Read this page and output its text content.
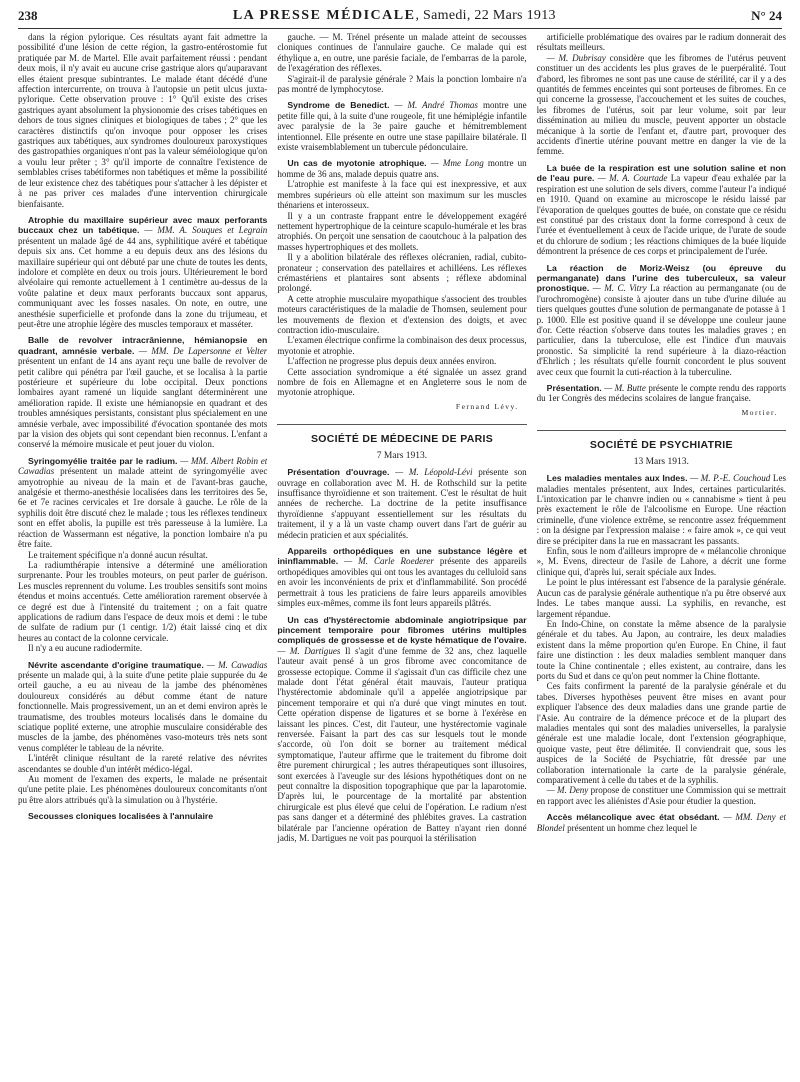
238	LA PRESSE MÉDICALE, Samedi, 22 Mars 1913	N° 24

dans la région pylorique. Ces résultats ayant fait admettre la possibilité d'une lésion de cette région, la gastro-entérostomie fut pratiquée par M. de Martel. Elle avait parfaitement réussi : pendant deux mois, il n'y avait eu aucune crise gastrique alors qu'auparavant elles étaient presque subintrantes. Le malade étant décédé d'une affection intercurrente, on trouva à l'autopsie un petit ulcus juxta-pylorique. Cette observation prouve : 1° Qu'il existe des crises gastriques ayant absolument la physionomie des crises tabétiques en dehors de tous signes cliniques et biologiques de tabes ; 2° que les caractères distinctifs qu'on invoque pour opposer les crises gastriques aux tabétiques, aux syndromes douloureux paroxystiques des gastropathies organiques n'ont pas la valeur séméiologique qu'on a voulu leur prêter ; 3° qu'il importe de connaître l'existence de semblables crises tabétiformes non tabétiques et même la possibilité de leur existence chez des tabétiques pour s'attacher à les dépister et à ne pas priver ces malades d'une intervention chirurgicale bienfaisante.

Atrophie du maxillaire supérieur avec maux perforants buccaux chez un tabétique. — MM. A. Souques et Legrain présentent un malade âgé de 44 ans, syphilitique avéré et tabétique depuis six ans. Cet homme a eu depuis deux ans des lésions du maxillaire supérieur qui ont débuté par une chute de toutes les dents, indolore et complète en deux ou trois jours. Ultérieurement le bord alvéolaire qui remonte actuellement à 1 centimètre au-dessus de la voûte palatine et deux maux perforants buccaux sont apparus, communiquant avec les fosses nasales. On note, en outre, une anesthésie superficielle et profonde dans la zone du trijumeau, et peut-être une atrophie légère des muscles temporaux et masséter.

Balle de revolver intracrânienne, hémianopsie en quadrant, amnésie verbale. — MM. De Lapersonne et Velter présentent un enfant de 14 ans ayant reçu une balle de revolver de petit calibre qui pénétra par l'œil gauche, et se localisa à la partie postérieure et supérieure du lobe occipital. Deux ponctions lombaires ayant ramené un liquide sanglant déterminèrent une amélioration rapide. Il existe une hémianopsie en quadrant et des troubles amnésiques persistants, consistant plus spécialement en une amnésie verbale, avec impossibilité d'évocation spontanée des mots par la vision des objets qui sont cependant bien reconnus. L'enfant a conservé la mémoire musicale et peut jouer du violon.

Syringomyélie traitée par le radium. — MM. Albert Robin et Cawadias présentent un malade atteint de syringomyélie avec amyotrophie au niveau de la main et de l'avant-bras gauche, analgésie et thermo-anesthésie localisées dans les territoires des 5e, 6e et 7e racines cervicales et 1re dorsale à gauche. Le rôle de la syphilis doit être discuté chez le malade ; tous les réflexes tendineux sont en effet abolis, la pupille est très paresseuse à la lumière. La réaction de Wassermann est négative, la ponction lombaire n'a pu être faite.

Le traitement spécifique n'a donné aucun résultat.

La radiumthérapie intensive a déterminé une amélioration surprenante. Pour les troubles moteurs, on peut parler de guérison. Les muscles reprennent du volume. Les troubles sensitifs sont moins étendus et moins accentués. Cette amélioration rarement observée à ce degré est due à l'intensité du traitement ; on a fait quatre applications de radium dans l'espace de deux mois et demi : le tube de sulfate de radium pur (1 centigr. 1/2) était laissé cinq et dix heures au contact de la colonne cervicale.

Il n'y a eu aucune radiodermite.

Névrite ascendante d'origine traumatique. — M. Cawadias présente un malade qui, à la suite d'une petite plaie suppurée du 4e orteil gauche, a eu au niveau de la jambe des phénomènes douloureux considérés au début comme étant de nature fonctionnelle. Mais progressivement, un an et demi environ après le traumatisme, des troubles moteurs localisés dans le domaine du sciatique poplité externe, une atrophie musculaire considérable des muscles de la jambe, des phénomènes vaso-moteurs très nets sont venus compléter le tableau de la névrite.

L'intérêt clinique résultant de la rareté relative des névrites ascendantes se double d'un intérêt médico-légal.

Au moment de l'examen des experts, le malade ne présentait qu'une petite plaie. Les phénomènes douloureux concomitants n'ont pu être alors attribués qu'à la simulation ou à l'hystérie.

Secousses cloniques localisées à l'annulaire

gauche. — M. Trénel présente un malade atteint de secousses cloniques continues de l'annulaire gauche. Ce malade qui est éthylique a, en outre, une parésie faciale, de l'embarras de la parole, de l'exagération des réflexes.

S'agirait-il de paralysie générale ? Mais la ponction lombaire n'a pas montré de lymphocytose.

Syndrome de Benedict. — M. André Thomas montre une petite fille qui, à la suite d'une rougeole, fit une hémiplégie infantile avec paralysie de la 3e paire gauche et hémitremblement intentionnel. Elle présente en outre une stase papillaire bilatérale. Il existe vraisemblablement un tubercule pédonculaire.

Un cas de myotonie atrophique. — Mme Long montre un homme de 36 ans, malade depuis quatre ans.

L'atrophie est manifeste à la face qui est inexpressive, et aux membres supérieurs où elle atteint son maximum sur les muscles thénariens et interosseux.

Il y a un contraste frappant entre le développement exagéré nettement hypertrophique de la ceinture scapulo-humérale et les bras atrophiés. On perçoit une sensation de caoutchouc à la palpation des masses hypertrophiques et des mollets.

Il y a abolition bilatérale des réflexes olécranien, radial, cubito-pronateur ; conservation des patellaires et achilléens. Les réflexes crémastériens et plantaires sont absents ; réflexe abdominal prolongé.

A cette atrophie musculaire myopathique s'associent des troubles moteurs caractéristiques de la maladie de Thomsen, seulement pour les mouvements de flexion et d'extension des doigts, et avec contraction idio-musculaire.

L'examen électrique confirme la combinaison des deux processus, myotonie et atrophie.

L'affection ne progresse plus depuis deux années environ.

Cette association syndromique a été signalée un assez grand nombre de fois en Allemagne et en Angleterre sous le nom de myotonie atrophique.

Fernand Lévy.

SOCIÉTÉ DE MÉDECINE DE PARIS
7 Mars 1913.

Présentation d'ouvrage. — M. Léopold-Lévi présente son ouvrage en collaboration avec M. H. de Rothschild sur la petite insuffisance thyroïdienne et son traitement. C'est le résultat de huit années de recherche. La doctrine de la petite insuffisance thyroïdienne s'appuyant essentiellement sur les résultats du traitement, il y a là un vaste champ ouvert dans l'art de guérir au médecin praticien et aux spécialités.

Appareils orthopédiques en une substance légère et ininflammable. — M. Carle Roederer présente des appareils orthopédiques amovibles qui ont tous les avantages du celluloïd sans en avoir les inconvénients de prix et d'inflammabilité. Son procédé permettrait à tous les praticiens de faire leurs appareils amovibles simples eux-mêmes, comme ils font leurs appareils plâtrés.

Un cas d'hystérectomie abdominale angiotripsique par pincement temporaire pour fibromes utérins multiples compliqués de grossesse et de kyste hématique de l'ovaire. — M. Dartigues Il s'agit d'une femme de 32 ans, chez laquelle l'auteur avait pensé à un gros fibrome avec concomitance de grossesse ectopique. Comme il s'agissait d'un cas difficile chez une malade dont l'état général était mauvais, l'auteur pratiqua l'hystérectomie abdominale qu'il a appelée angiotripsique par pincement temporaire et qui n'a duré que vingt minutes en tout. Cette opération dispense de ligatures et se borne à l'exérèse en laissant les pinces. C'est, dit l'auteur, une hystérectomie vaginale renversée. Faisant la part des cas sur lesquels tout le monde s'accorde, où l'on doit se borner au traitement médical symptomatique, l'auteur affirme que le traitement du fibrome doit être purement chirurgical ; les autres thérapeutiques sont illusoires, sont exercées à l'aveugle sur des lésions hypothétiques dont on ne peut connaître la disposition topographique que par la laparotomie. D'après lui, le pourcentage de la mortalité par abstention chirurgicale est plus élevé que celui de l'opération. Le radium n'est pas sans danger et a déterminé des phlébites graves. La castration bilatérale par l'ancienne opération de Battey n'ayant rien donné jadis, M. Dartigues ne voit pas pourquoi la stérilisation

artificielle problématique des ovaires par le radium donnerait des résultats meilleurs.

— M. Dubrisay considère que les fibromes de l'utérus peuvent constituer un des accidents les plus graves de le puerpéralité. Tout d'abord, les fibromes ne sont pas une cause de stérilité, car il y a des quantités de femmes enceintes qui sont porteuses de fibromes. En ce qui concerne la grossesse, l'accouchement et les suites de couches, les fibromes de l'utérus, soit par leur volume, soit par leur dissémination au milieu du muscle, peuvent apporter un obstacle mécanique à la sortie de l'enfant et, d'autre part, provoquer des accidents d'inertie utérine pouvant mettre en danger la vie de la femme.

La buée de la respiration est une solution saline et non de l'eau pure. — M. A. Courtade La vapeur d'eau exhalée par la respiration est une solution de sels divers, comme l'auteur l'a indiqué en 1910. Quand on examine au microscope le résidu laissé par l'évaporation de quelques gouttes de buée, on constate que ce résidu est constitué par des cristaux dont la forme correspond à ceux de l'urée et éventuellement à ceux de l'acide urique, de l'urate de soude et du chlorure de sodium ; les réactions chimiques de la buée liquide démontrent la présence de ces corps et principalement de l'urée.

La réaction de Moriz-Weisz (ou épreuve du permanganate) dans l'urine des tuberculeux, sa valeur pronostique. — M. C. Vitry La réaction au permanganate (ou de l'urochromogène) consiste à ajouter dans un tube d'urine diluée au tiers quelques gouttes d'une solution de permanganate de potasse à 1 p. 1000. Elle est positive quand il se développe une couleur jaune d'or. Cette réaction s'observe dans toutes les maladies graves ; en particulier, dans la tuberculose, elle est l'indice d'un mauvais pronostic. Sa simplicité la rend supérieure à la diazo-réaction d'Ehrlich ; les résultats qu'elle fournit concordent le plus souvent avec ceux que fournit la cuti-réaction à la tuberculine.

Présentation. — M. Butte présente le compte rendu des rapports du 1er Congrès des médecins scolaires de langue française.

Mortier.

SOCIÉTÉ DE PSYCHIATRIE
13 Mars 1913.

Les maladies mentales aux Indes. — M. P.-E. Couchoud Les maladies mentales présentent, aux Indes, certaines particularités. L'intoxication par le chanvre indien ou « cannabisme » tient à peu près exactement le rôle de l'alcoolisme en Europe. Une réaction criminelle, d'une violence extrême, se rencontre assez fréquemment : on la désigne par l'expression malaise : « faire amok », ce qui veut dire se précipiter dans la rue en massacrant les passants.

Enfin, sous le nom d'ailleurs impropre de « mélancolie chronique », M. Evens, directeur de l'asile de Lahore, a décrit une forme clinique qui, d'après lui, serait spéciale aux Indes.

Le point le plus intéressant est l'absence de la paralysie générale. Aucun cas de paralysie générale authentique n'a pu être observé aux Indes. Le tabes manque aussi. La syphilis, en revanche, est largement répandue.

En Indo-Chine, on constate la même absence de la paralysie générale et du tabes. Au Japon, au contraire, les deux maladies existent dans la même proportion qu'en Europe. En Chine, il faut faire une distinction : les deux maladies semblent manquer dans toute la Chine continentale ; elles existent, au contraire, dans les ports du Sud et dans ce qu'on peut nommer la Chine flottante.

Ces faits confirment la parenté de la paralysie générale et du tabes. Diverses hypothèses peuvent être mises en avant pour expliquer l'absence des deux maladies dans une grande partie de l'Asie. Au contraire de la démence précoce et de la plupart des maladies mentales qui sont des maladies universelles, la paralysie générale est une maladie locale, dont l'extension géographique, quoique vaste, peut être délimitée. Il conviendrait que, sous les auspices de la Société de Psychiatrie, fût dressée par une collaboration internationale la carte de la paralysie générale, comparativement à celle du tabes et de la syphilis.

— M. Deny propose de constituer une Commission qui se mettrait en rapport avec les aliénistes d'Asie pour étudier la question.

Accès mélancolique avec état obsédant. — MM. Deny et Blondel présentent un homme chez lequel le
